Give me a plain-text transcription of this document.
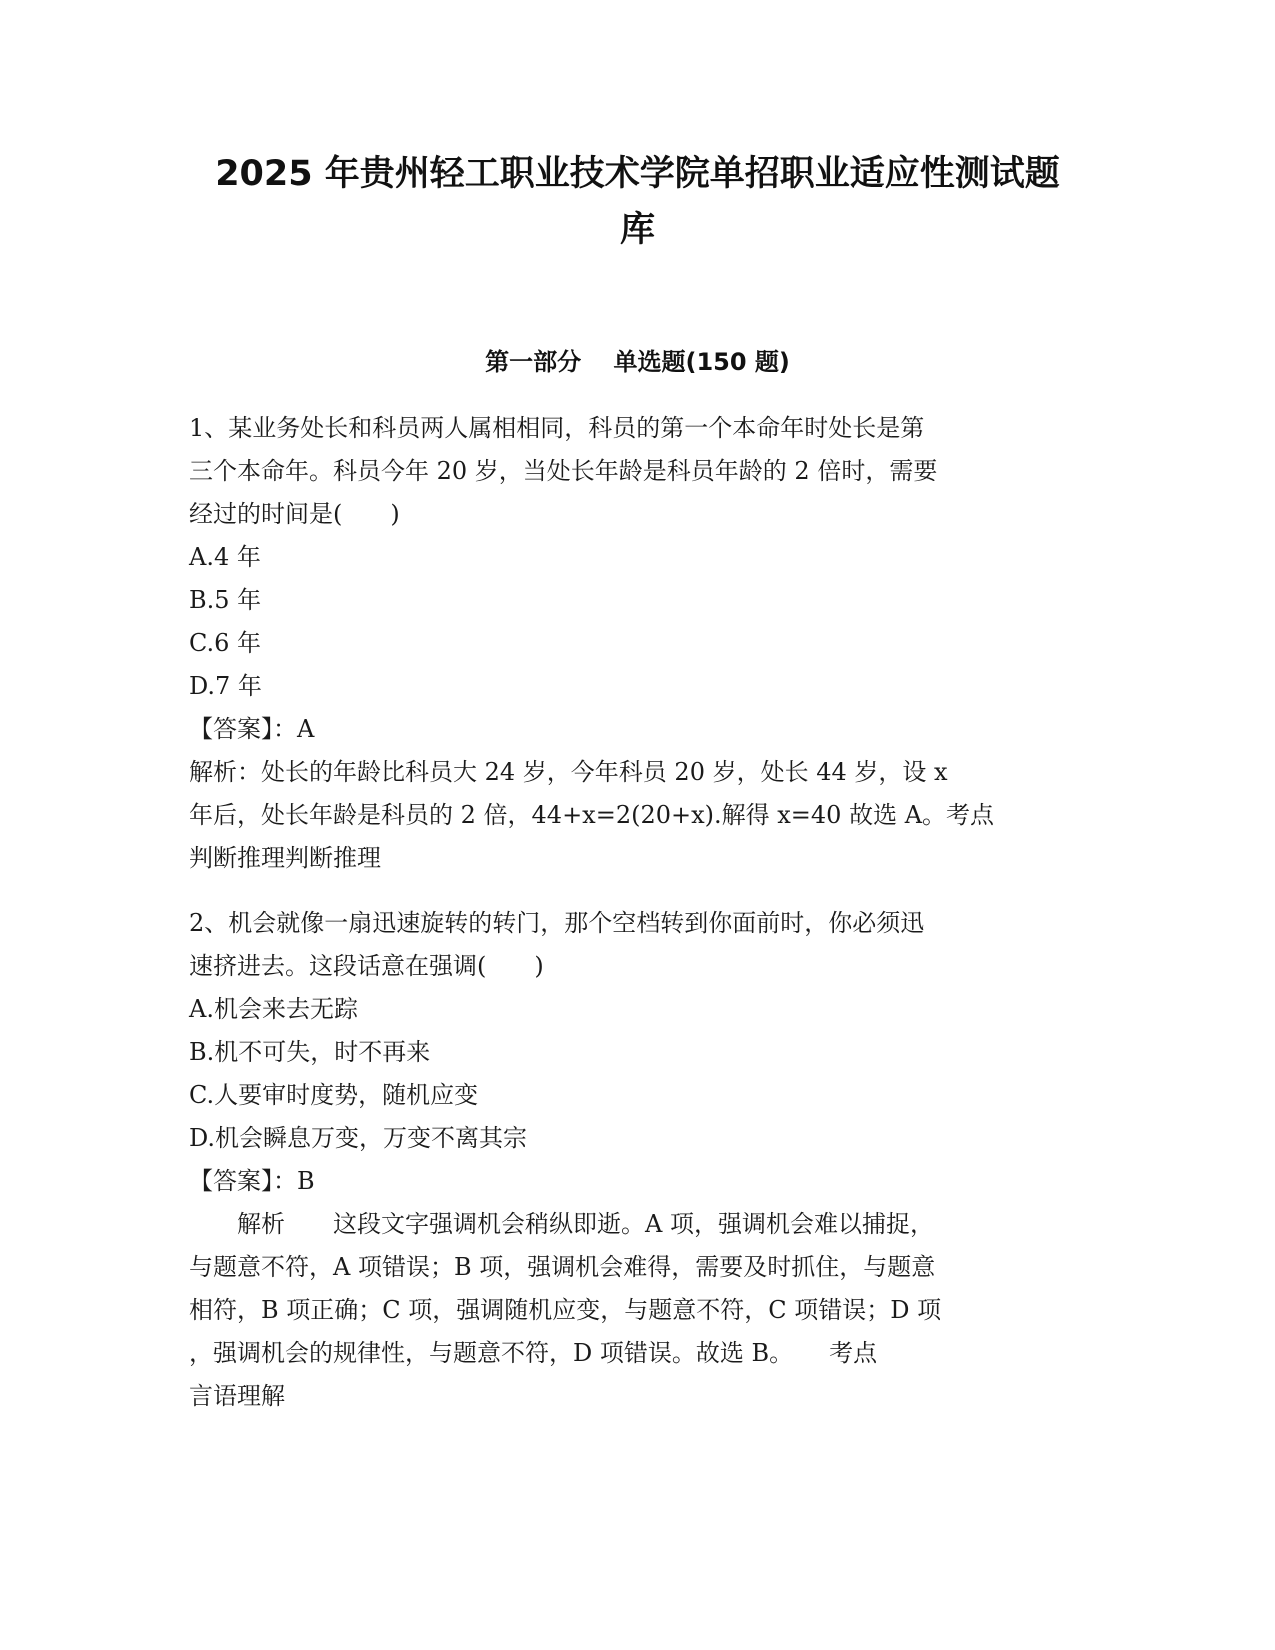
2025 年贵州轻工职业技术学院单招职业适应性测试题
库
第一部分　 单选题(150 题)
1、某业务处长和科员两人属相相同，科员的第一个本命年时处长是第
三个本命年。科员今年 20 岁，当处长年龄是科员年龄的 2 倍时，需要
经过的时间是(　　)
A.4 年
B.5 年
C.6 年
D.7 年
【答案】：A
解析：处长的年龄比科员大 24 岁，今年科员 20 岁，处长 44 岁，设 x
年后，处长年龄是科员的 2 倍，44+x=2(20+x).解得 x=40 故选 A。考点
判断推理判断推理
2、机会就像一扇迅速旋转的转门，那个空档转到你面前时，你必须迅
速挤进去。这段话意在强调(　　)
A.机会来去无踪
B.机不可失，时不再来
C.人要审时度势，随机应变
D.机会瞬息万变，万变不离其宗
【答案】：B
　　解析　　这段文字强调机会稍纵即逝。A 项，强调机会难以捕捉，
与题意不符，A 项错误；B 项，强调机会难得，需要及时抓住，与题意
相符，B 项正确；C 项，强调随机应变，与题意不符，C 项错误；D 项
，强调机会的规律性，与题意不符，D 项错误。故选 B。　　考点
言语理解
